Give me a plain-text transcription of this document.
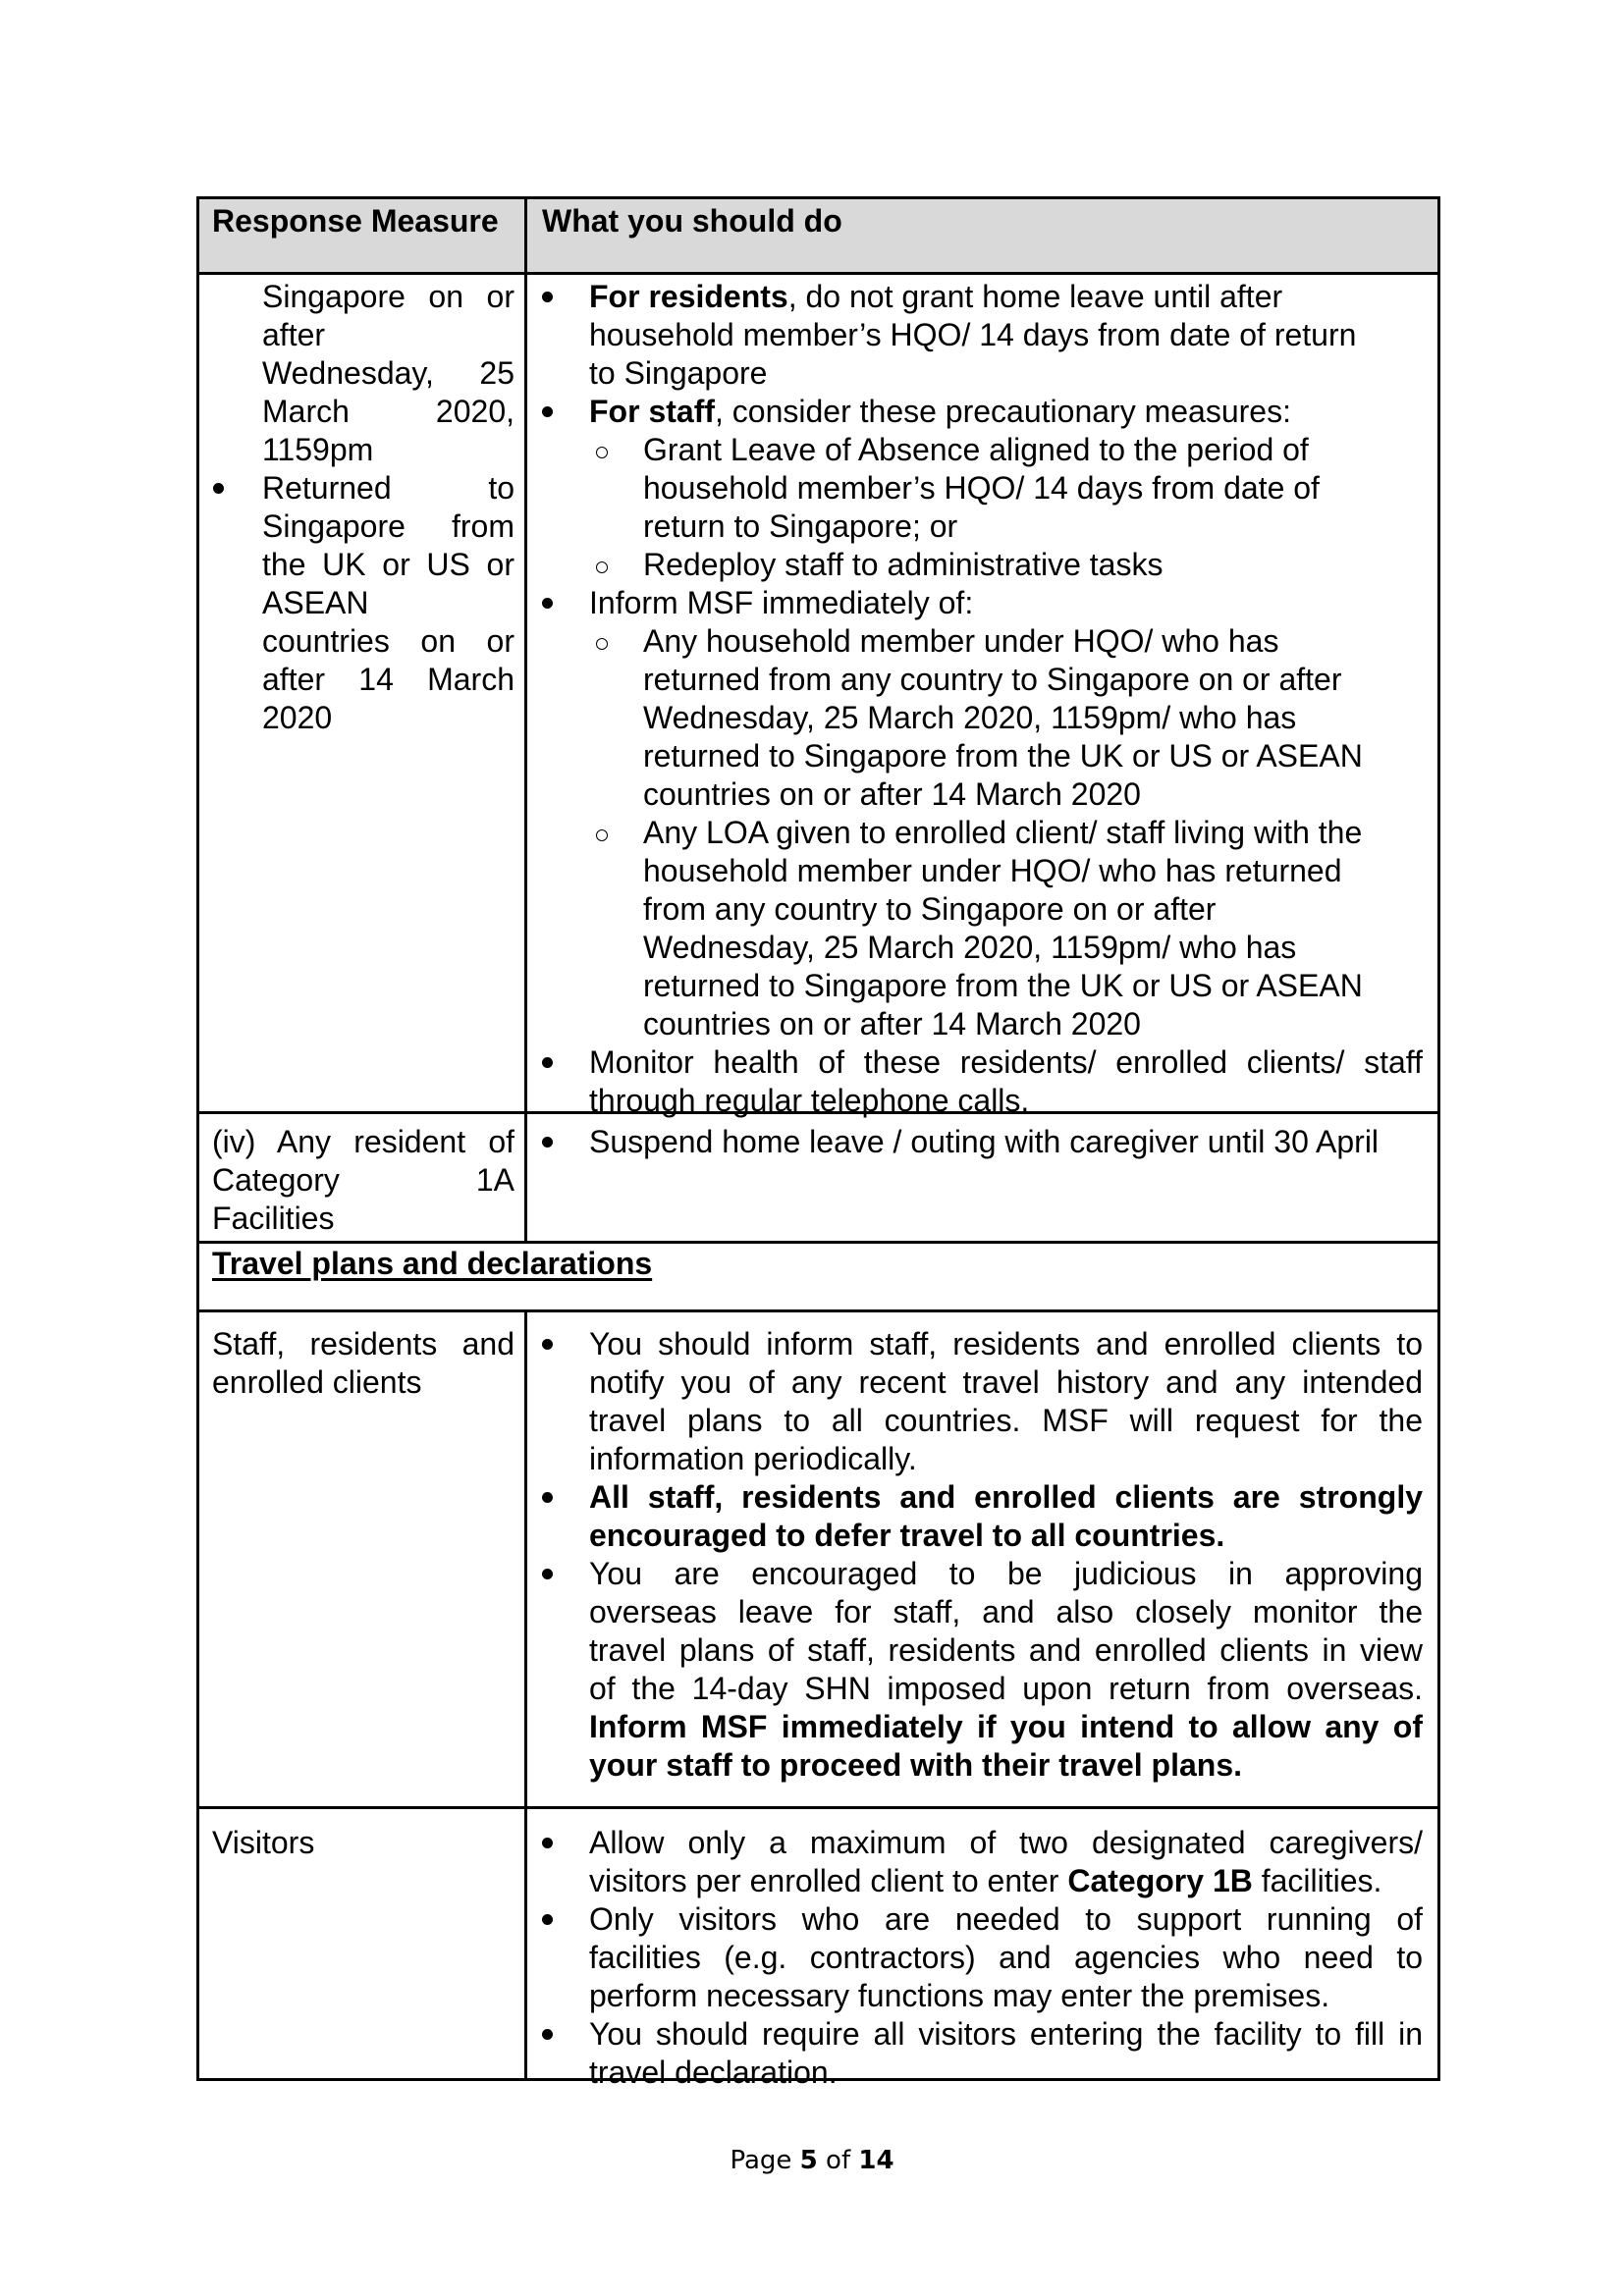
Response Measure What you should do
Singapore on or
after
Wednesday, 25
March 2020,
1159pm
Returned to
Singapore from
the UK or US or
ASEAN
countries on or
after 14 March
2020
For residents, do not grant home leave until after
household member’s HQO/ 14 days from date of return
to Singapore
For staff, consider these precautionary measures:
Grant Leave of Absence aligned to the period of
household member’s HQO/ 14 days from date of
return to Singapore; or
Redeploy staff to administrative tasks
Inform MSF immediately of:
Any household member under HQO/ who has
returned from any country to Singapore on or after
Wednesday, 25 March 2020, 1159pm/ who has
returned to Singapore from the UK or US or ASEAN
countries on or after 14 March 2020
Any LOA given to enrolled client/ staff living with the
household member under HQO/ who has returned
from any country to Singapore on or after
Wednesday, 25 March 2020, 1159pm/ who has
returned to Singapore from the UK or US or ASEAN
countries on or after 14 March 2020
Monitor health of these residents/ enrolled clients/ staff
through regular telephone calls.
(iv) Any resident of
Category 1A
Facilities
Suspend home leave / outing with caregiver until 30 April
Travel plans and declarations
Staff, residents and
enrolled clients
You should inform staff, residents and enrolled clients to
notify you of any recent travel history and any intended
travel plans to all countries. MSF will request for the
information periodically.
All staff, residents and enrolled clients are strongly
encouraged to defer travel to all countries.
You are encouraged to be judicious in approving
overseas leave for staff, and also closely monitor the
travel plans of staff, residents and enrolled clients in view
of the 14-day SHN imposed upon return from overseas.
Inform MSF immediately if you intend to allow any of
your staff to proceed with their travel plans.
Visitors	Allow only a maximum of two designated caregivers/
visitors per enrolled client to enter Category 1B facilities.
Only visitors who are needed to support running of
facilities (e.g. contractors) and agencies who need to
perform necessary functions may enter the premises.
You should require all visitors entering the facility to fill in
travel declaration.
Page 5 of 14
